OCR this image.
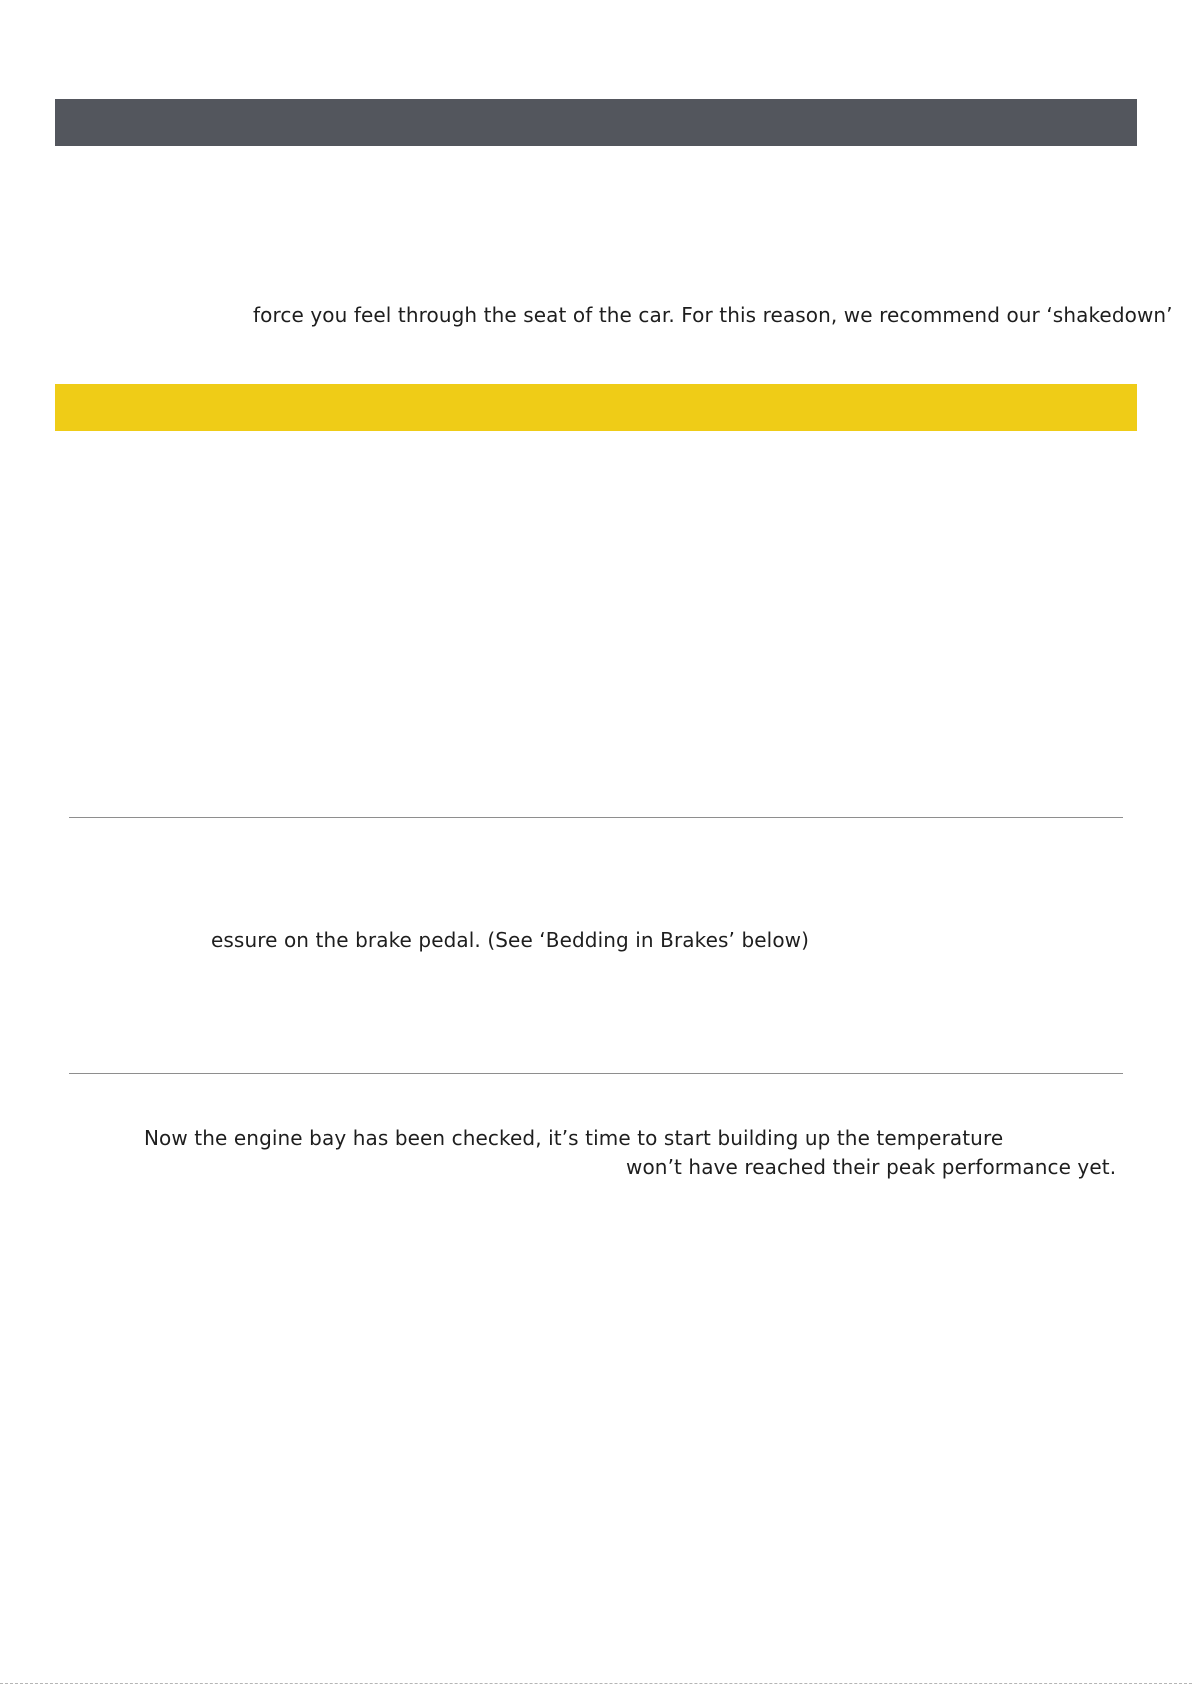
force you feel through the seat of the car. For this reason, we recommend our ‘shakedown’

essure on the brake pedal. (See ‘Bedding in Brakes’ below)

Now the engine bay has been checked, it’s time to start building up the temperature

won’t have reached their peak performance yet.
